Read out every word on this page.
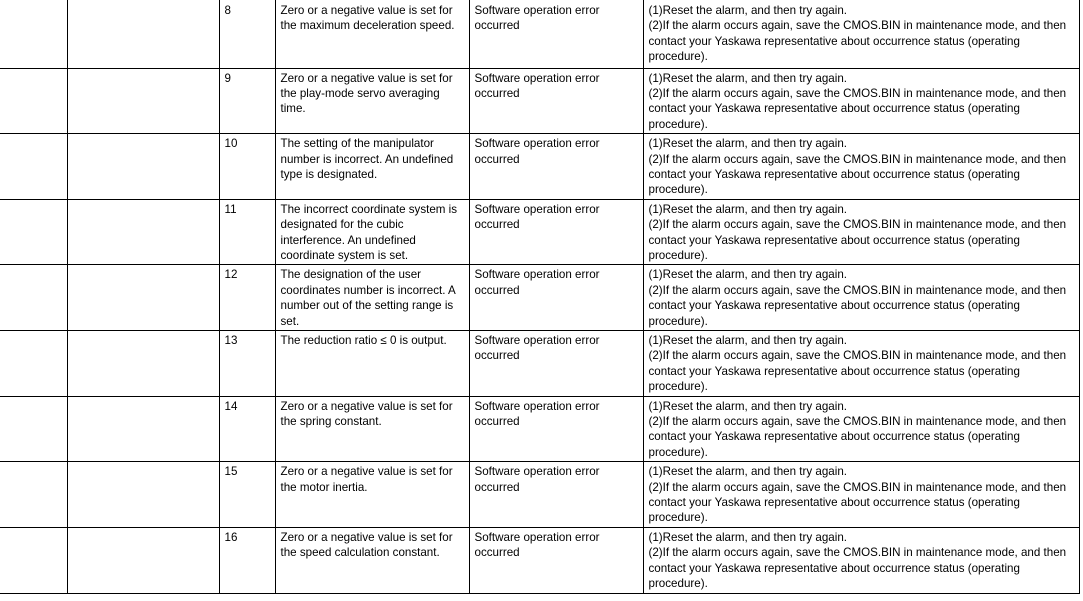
		8	Zero or a negative value is set for the maximum deceleration speed.	Software operation error occurred	(1)Reset the alarm, and then try again.
(2)If the alarm occurs again, save the CMOS.BIN in maintenance mode, and then contact your Yaskawa representative about occurrence status (operating procedure).

		9	Zero or a negative value is set for the play-mode servo averaging time.	Software operation error occurred	(1)Reset the alarm, and then try again.
(2)If the alarm occurs again, save the CMOS.BIN in maintenance mode, and then contact your Yaskawa representative about occurrence status (operating procedure).

		10	The setting of the manipulator number is incorrect. An undefined type is designated.	Software operation error occurred	(1)Reset the alarm, and then try again.
(2)If the alarm occurs again, save the CMOS.BIN in maintenance mode, and then contact your Yaskawa representative about occurrence status (operating procedure).

		11	The incorrect coordinate system is designated for the cubic interference. An undefined coordinate system is set.	Software operation error occurred	(1)Reset the alarm, and then try again.
(2)If the alarm occurs again, save the CMOS.BIN in maintenance mode, and then contact your Yaskawa representative about occurrence status (operating procedure).

		12	The designation of the user coordinates number is incorrect. A number out of the setting range is set.	Software operation error occurred	(1)Reset the alarm, and then try again.
(2)If the alarm occurs again, save the CMOS.BIN in maintenance mode, and then contact your Yaskawa representative about occurrence status (operating procedure).

		13	The reduction ratio ≤ 0 is output.	Software operation error occurred	(1)Reset the alarm, and then try again.
(2)If the alarm occurs again, save the CMOS.BIN in maintenance mode, and then contact your Yaskawa representative about occurrence status (operating procedure).

		14	Zero or a negative value is set for the spring constant.	Software operation error occurred	(1)Reset the alarm, and then try again.
(2)If the alarm occurs again, save the CMOS.BIN in maintenance mode, and then contact your Yaskawa representative about occurrence status (operating procedure).

		15	Zero or a negative value is set for the motor inertia.	Software operation error occurred	(1)Reset the alarm, and then try again.
(2)If the alarm occurs again, save the CMOS.BIN in maintenance mode, and then contact your Yaskawa representative about occurrence status (operating procedure).

		16	Zero or a negative value is set for the speed calculation constant.	Software operation error occurred	(1)Reset the alarm, and then try again.
(2)If the alarm occurs again, save the CMOS.BIN in maintenance mode, and then contact your Yaskawa representative about occurrence status (operating procedure).
